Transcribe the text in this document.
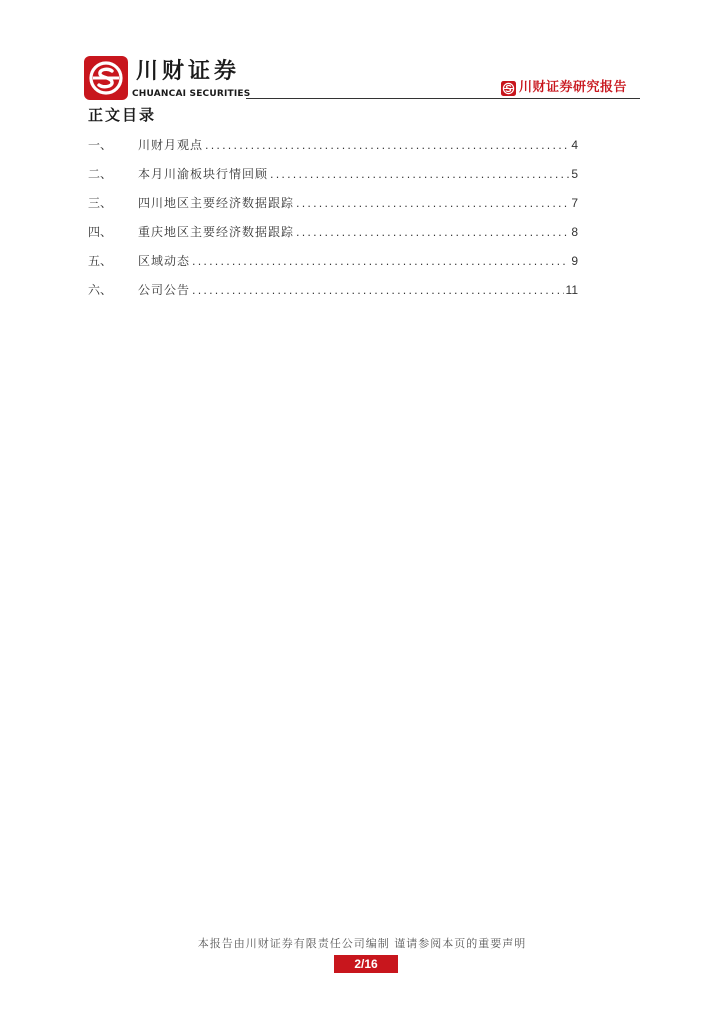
川财证券
CHUANCAI SECURITIES	川财证券研究报告
正文目录
一、	川财月观点 .....	4
二、	本月川渝板块行情回顾 .....	5
三、	四川地区主要经济数据跟踪 .....	7
四、	重庆地区主要经济数据跟踪 .....	8
五、	区域动态 .....	9
六、	公司公告 .....	11
本报告由川财证券有限责任公司编制 谨请参阅本页的重要声明
2/16
